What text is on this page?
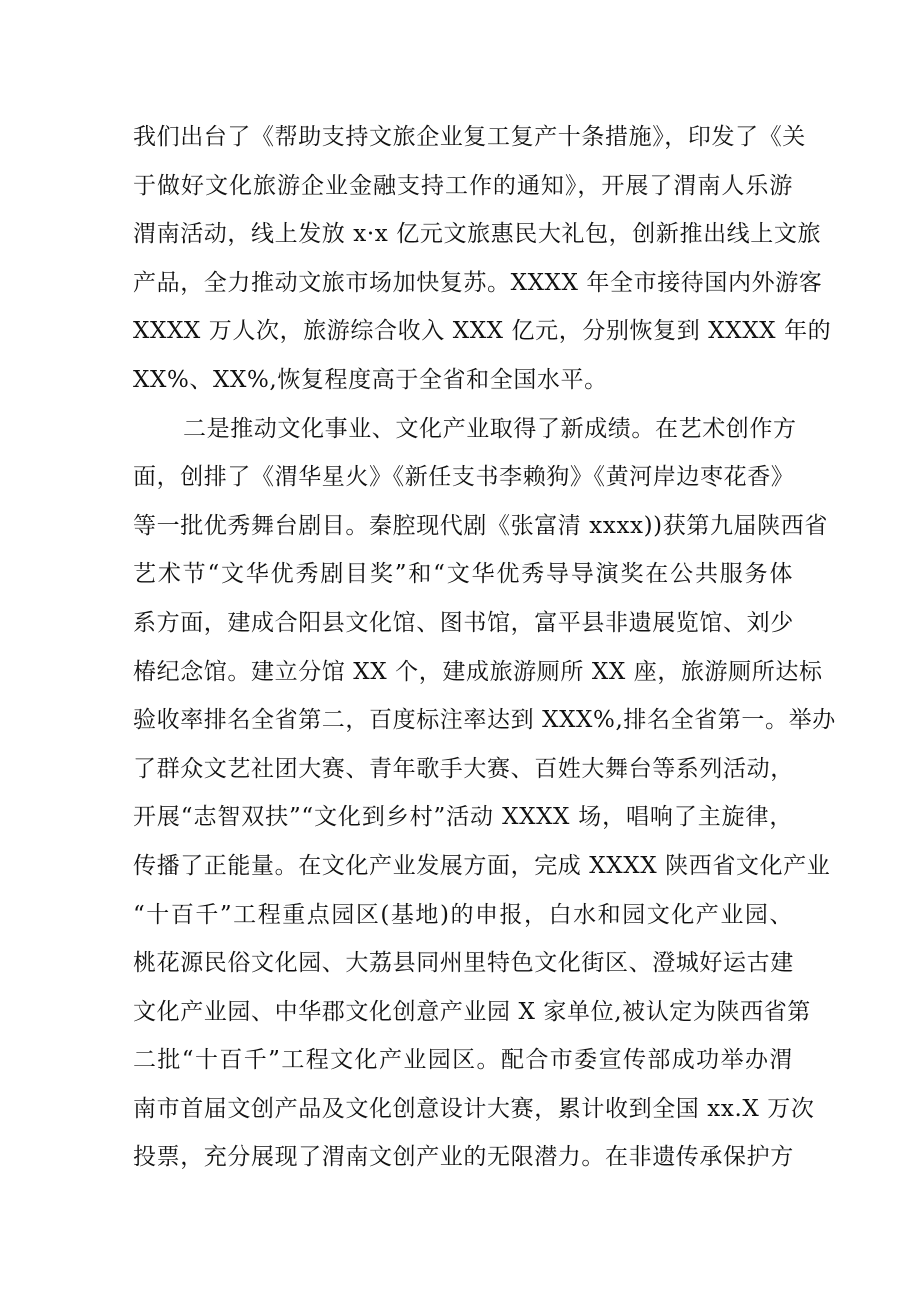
我们出台了《帮助支持文旅企业复工复产十条措施》，印发了《关
于做好文化旅游企业金融支持工作的通知》，开展了渭南人乐游
渭南活动，线上发放 x·x 亿元文旅惠民大礼包，创新推出线上文旅
产品，全力推动文旅市场加快复苏。XXXX 年全市接待国内外游客
XXXX 万人次，旅游综合收入 XXX 亿元，分别恢复到 XXXX 年的
XX%、XX%,恢复程度高于全省和全国水平。
二是推动文化事业、文化产业取得了新成绩。在艺术创作方
面，创排了《渭华星火》《新任支书李赖狗》《黄河岸边枣花香》
等一批优秀舞台剧目。秦腔现代剧《张富清 xxxx))获第九届陕西省
艺术节“文华优秀剧目奖”和“文华优秀导导演奖在公共服务体
系方面，建成合阳县文化馆、图书馆，富平县非遗展览馆、刘少
椿纪念馆。建立分馆 XX 个，建成旅游厕所 XX 座，旅游厕所达标
验收率排名全省第二，百度标注率达到 XXX%,排名全省第一。举办
了群众文艺社团大赛、青年歌手大赛、百姓大舞台等系列活动，
开展“志智双扶”“文化到乡村”活动 XXXX 场，唱响了主旋律，
传播了正能量。在文化产业发展方面，完成 XXXX 陕西省文化产业
“十百千”工程重点园区(基地)的申报，白水和园文化产业园、
桃花源民俗文化园、大荔县同州里特色文化街区、澄城好运古建
文化产业园、中华郡文化创意产业园 X 家单位,被认定为陕西省第
二批“十百千”工程文化产业园区。配合市委宣传部成功举办渭
南市首届文创产品及文化创意设计大赛，累计收到全国 xx.X 万次
投票，充分展现了渭南文创产业的无限潜力。在非遗传承保护方
